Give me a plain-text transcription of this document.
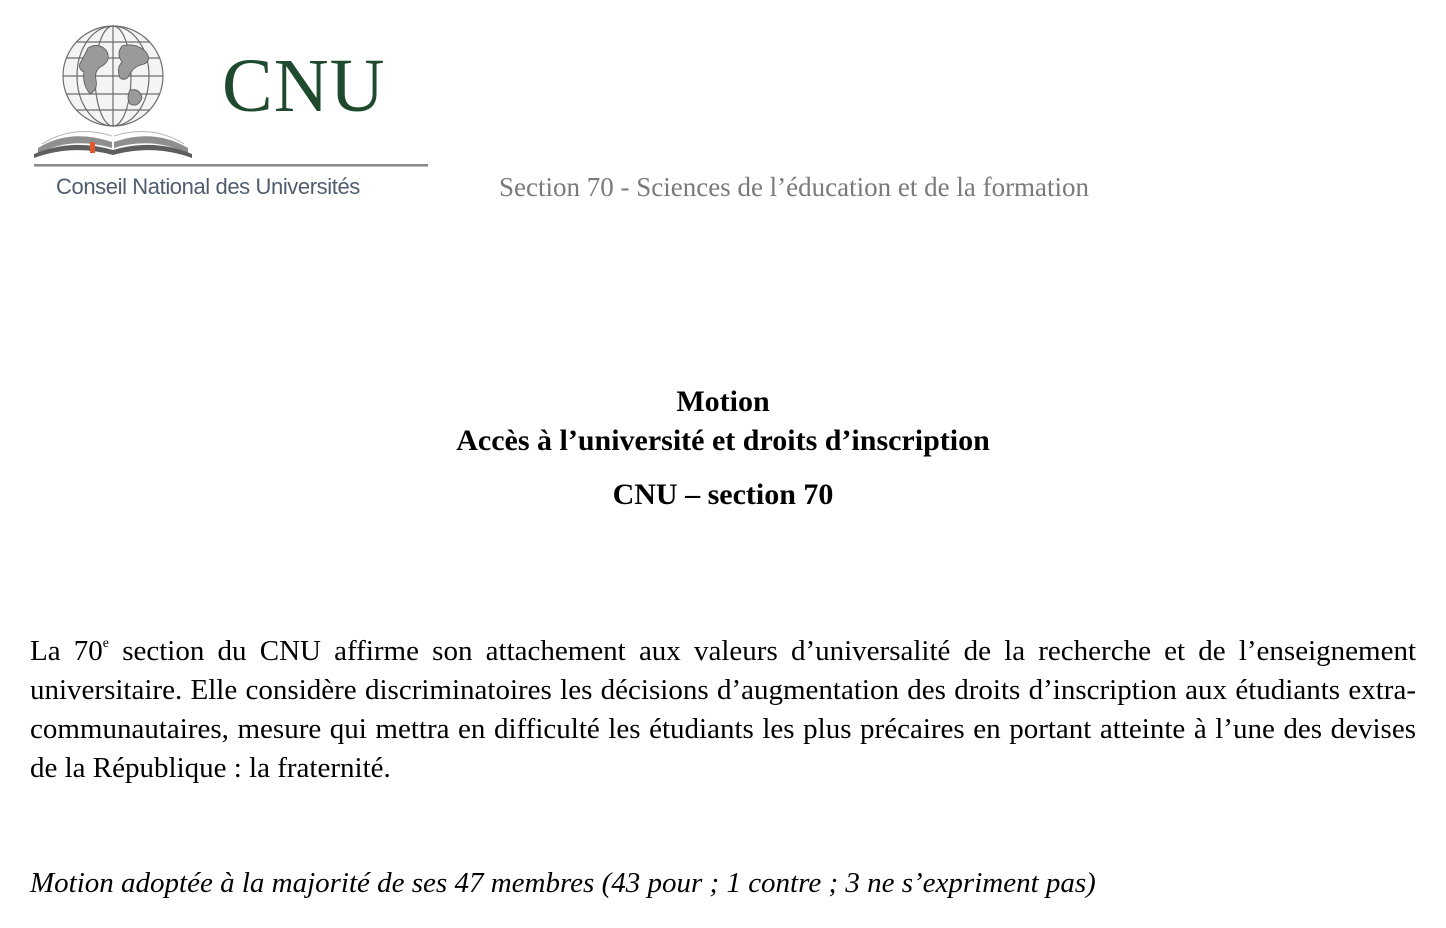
CNU
Conseil National des Universités	Section 70 - Sciences de l’éducation et de la formation
Motion
Accès à l’université et droits d’inscription
CNU – section 70

La 70e section du CNU affirme son attachement aux valeurs d’universalité de la recherche et de l’enseignement universitaire. Elle considère discriminatoires les décisions d’augmentation des droits d’inscription aux étudiants extra-communautaires, mesure qui mettra en difficulté les étudiants les plus précaires en portant atteinte à l’une des devises de la République : la fraternité.

Motion adoptée à la majorité de ses 47 membres (43 pour ; 1 contre ; 3 ne s’expriment pas)
